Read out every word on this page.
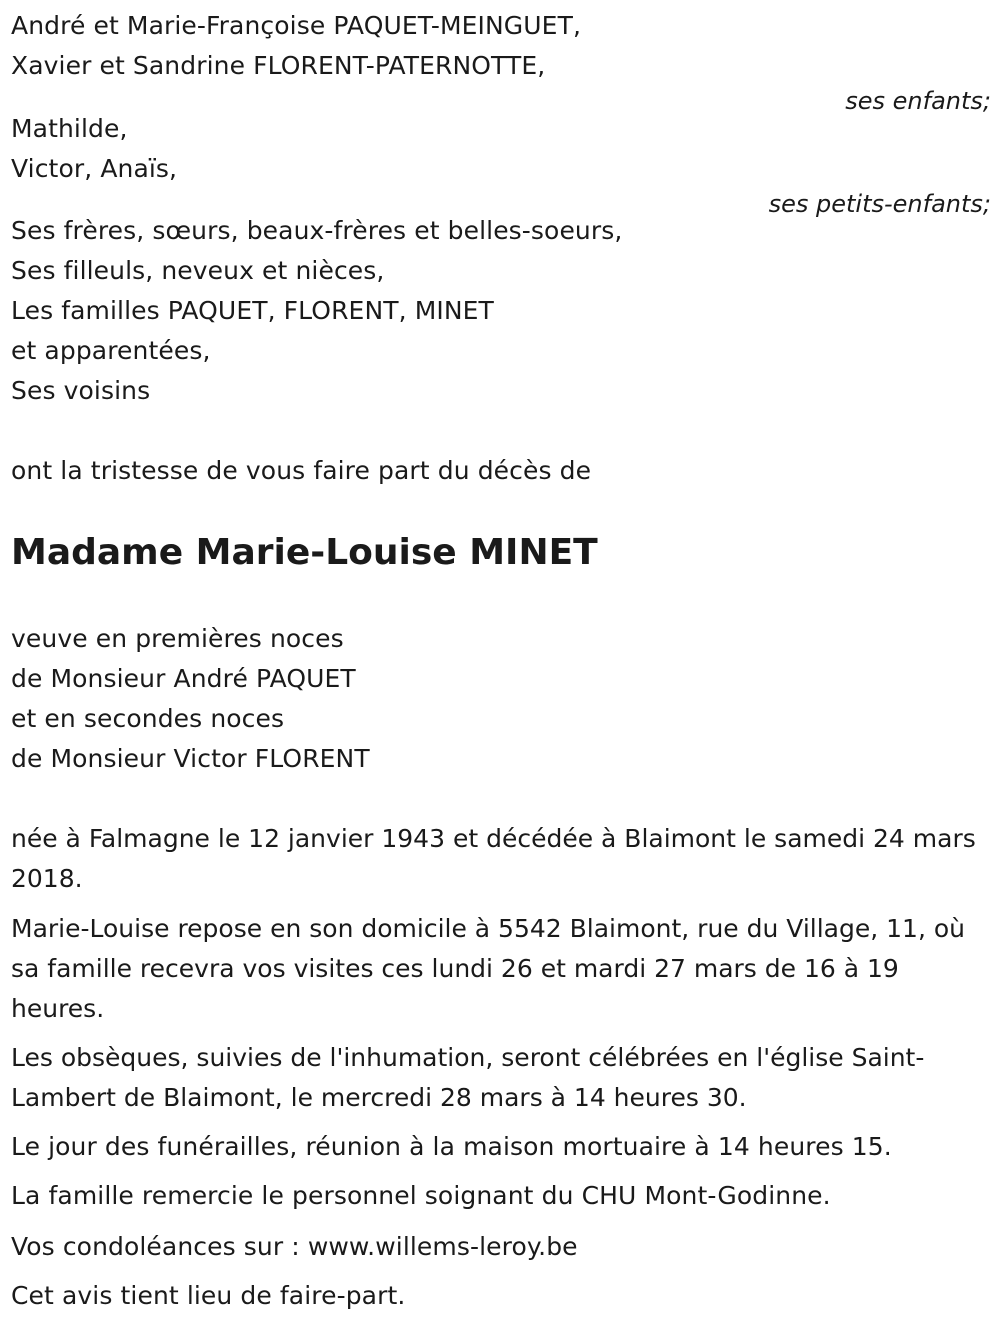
André et Marie-Françoise PAQUET-MEINGUET,
Xavier et Sandrine FLORENT-PATERNOTTE,
ses enfants;
Mathilde,
Victor, Anaïs,
ses petits-enfants;
Ses frères, sœurs, beaux-frères et belles-soeurs,
Ses filleuls, neveux et nièces,
Les familles PAQUET, FLORENT, MINET
et apparentées,
Ses voisins
ont la tristesse de vous faire part du décès de
Madame Marie-Louise MINET
veuve en premières noces
de Monsieur André PAQUET
et en secondes noces
de Monsieur Victor FLORENT
née à Falmagne le 12 janvier 1943 et décédée à Blaimont le samedi 24 mars 2018.
Marie-Louise repose en son domicile à 5542 Blaimont, rue du Village, 11, où sa famille recevra vos visites ces lundi 26 et mardi 27 mars de 16 à 19 heures.
Les obsèques, suivies de l'inhumation, seront célébrées en l'église Saint-Lambert de Blaimont, le mercredi 28 mars à 14 heures 30.
Le jour des funérailles, réunion à la maison mortuaire à 14 heures 15.
La famille remercie le personnel soignant du CHU Mont-Godinne.
Vos condoléances sur : www.willems-leroy.be
Cet avis tient lieu de faire-part.
